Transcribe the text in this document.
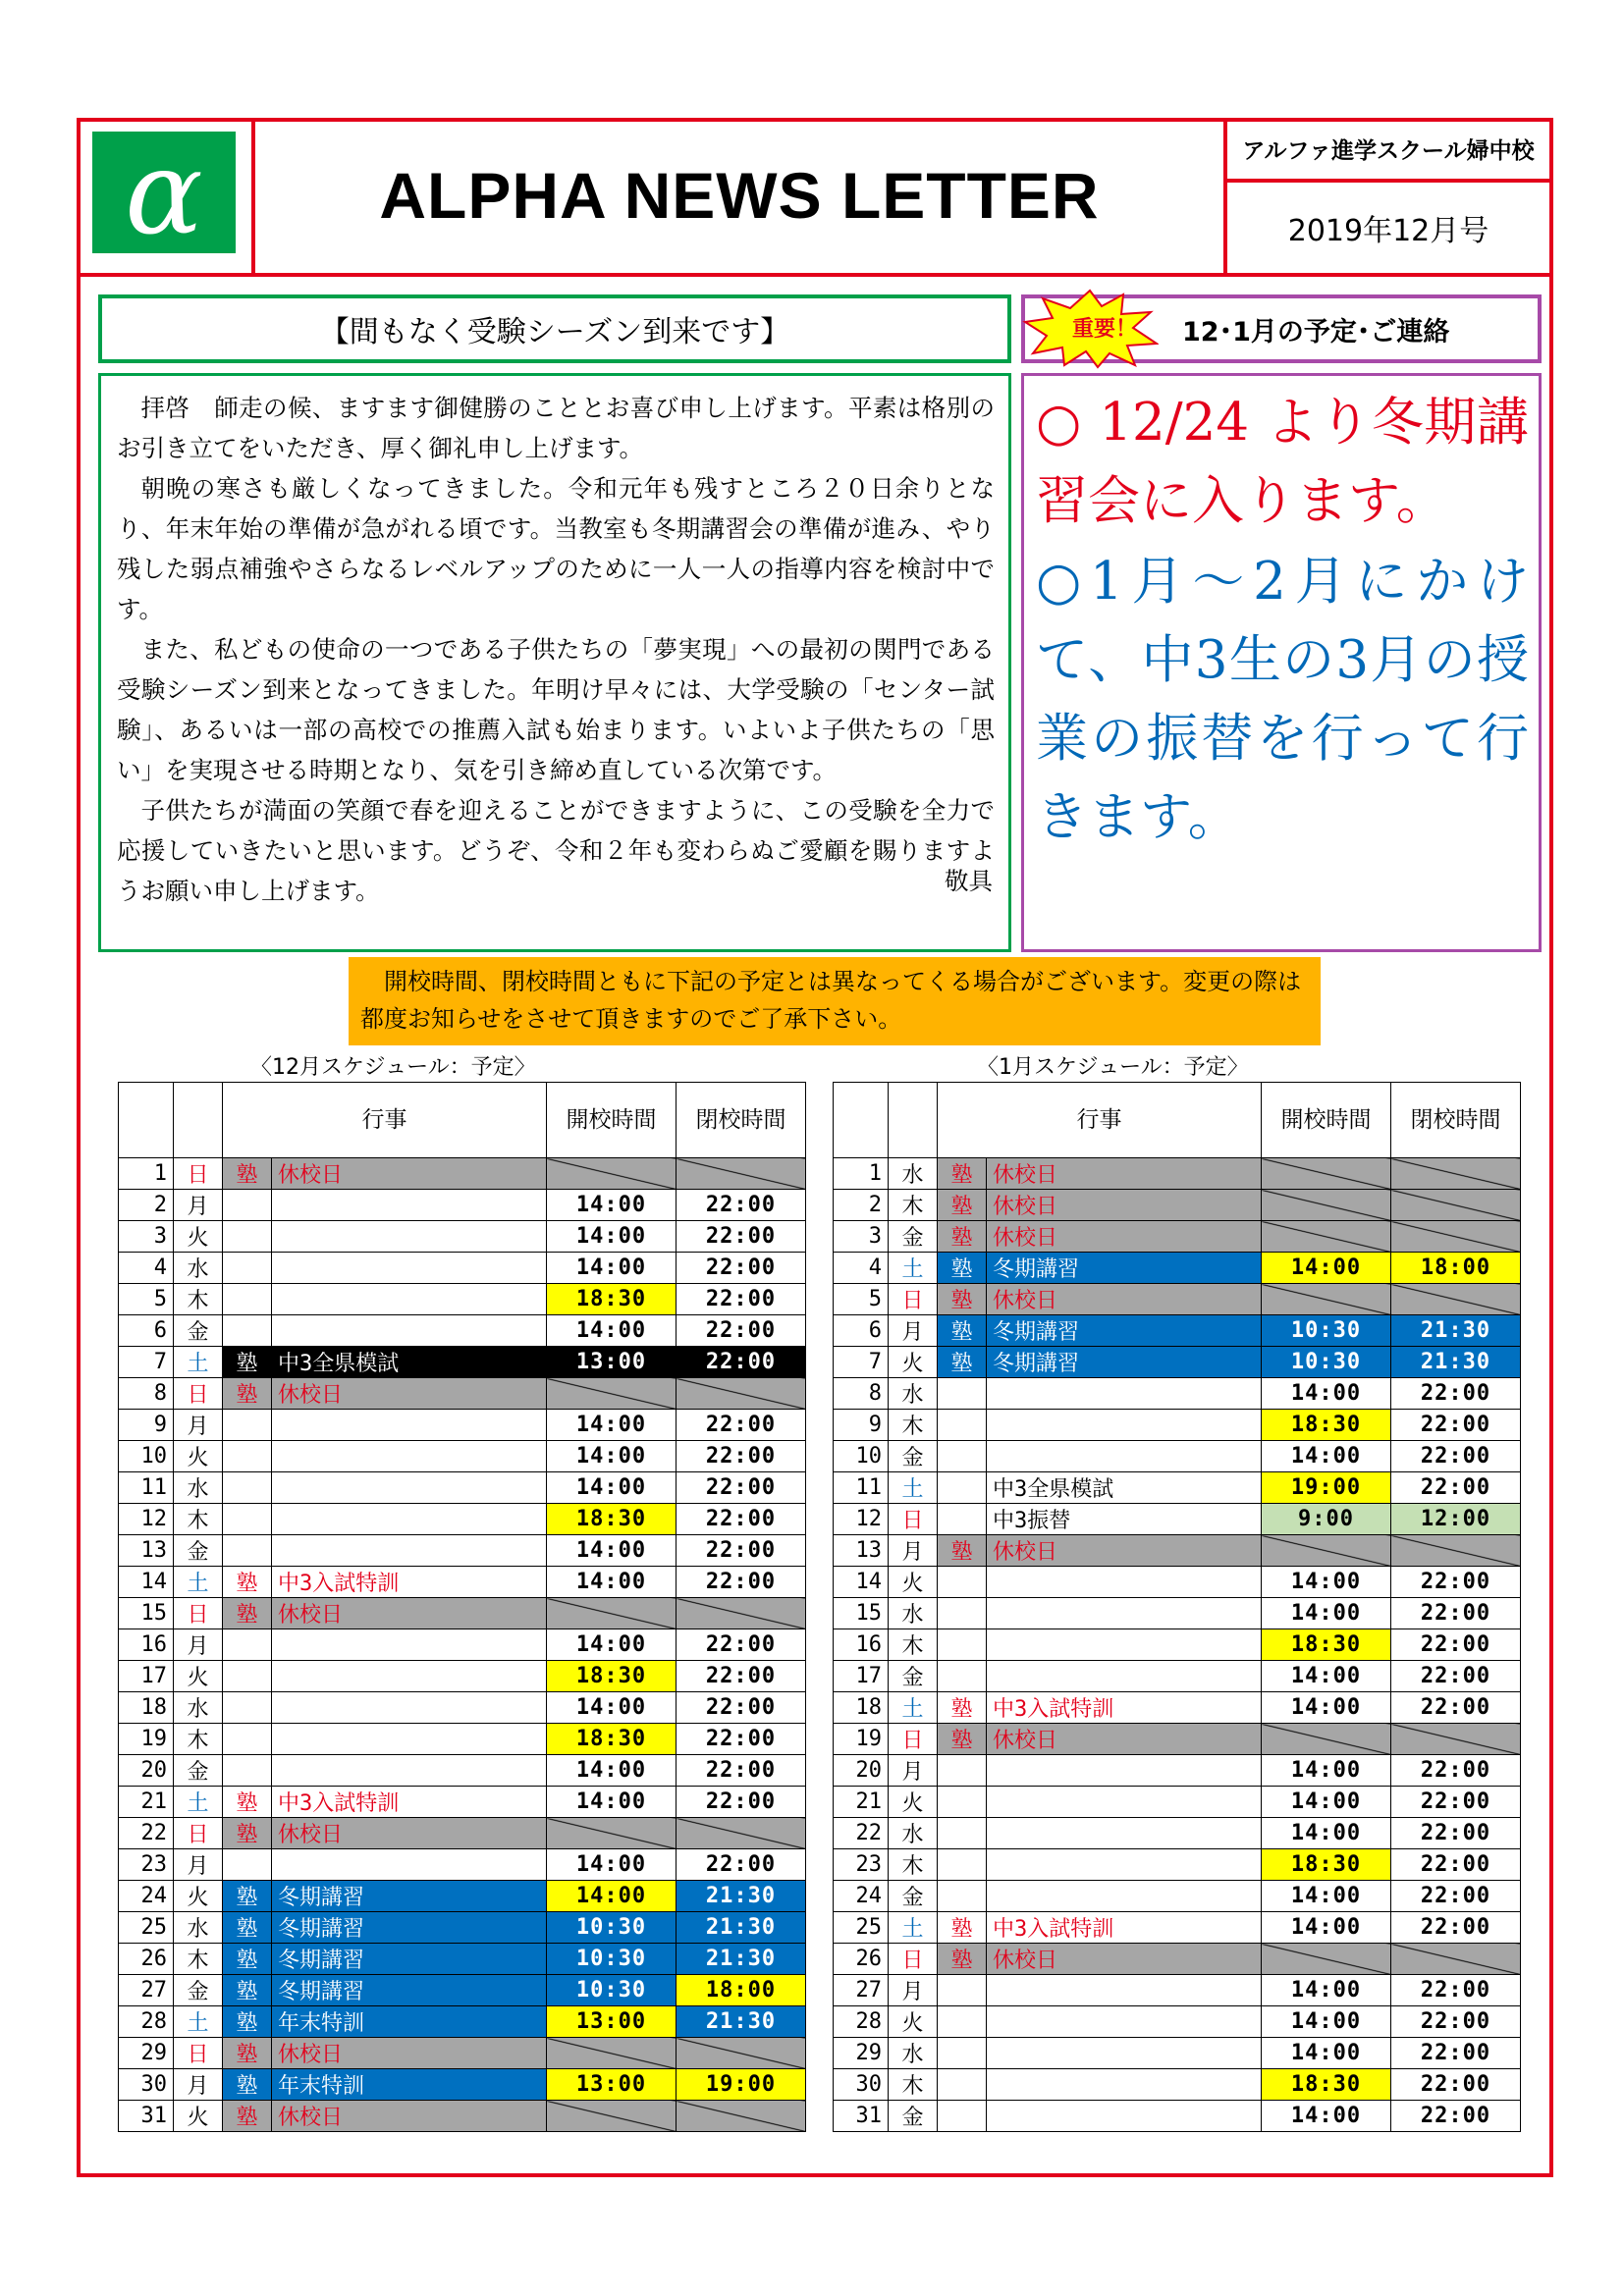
α	ALPHA NEWS LETTER
アルファ進学スクール婦中校
2019年12月号
【間もなく受験シーズン到来です】

拝啓　師走の候、ますます御健勝のこととお喜び申し上げます。平素は格別のお引き立てをいただき、厚く御礼申し上げます。

朝晩の寒さも厳しくなってきました。令和元年も残すところ２０日余りとなり、年末年始の準備が急がれる頃です。当教室も冬期講習会の準備が進み、やり残した弱点補強やさらなるレベルアップのために一人一人の指導内容を検討中です。

また、私どもの使命の一つである子供たちの「夢実現」への最初の関門である受験シーズン到来となってきました。年明け早々には、大学受験の「センター試験」、あるいは一部の高校での推薦入試も始まります。いよいよ子供たちの「思い」を実現させる時期となり、気を引き締め直している次第です。

子供たちが満面の笑顔で春を迎えることができますように、この受験を全力で応援していきたいと思います。どうぞ、令和２年も変わらぬご愛顧を賜りますようお願い申し上げます。	敬具
12･1月の予定･ご連絡
重要！

○ 12/24 より冬期講習会に入ります。

○1月～2月にかけて、中3生の3月の授業の振替を行って行きます。

開校時間、閉校時間ともに下記の予定とは異なってくる場合がございます。変更の際は都度お知らせをさせて頂きますのでご了承下さい。
〈12月スケジュール：予定〉	〈1月スケジュール：予定〉
		行事		開校時間	閉校時間
1	日	塾	休校日		
2	月			14:00	22:00
3	火			14:00	22:00
4	水			14:00	22:00
5	木			18:30	22:00
6	金			14:00	22:00
7	土	塾	中3全県模試	13:00	22:00
8	日	塾	休校日		
9	月			14:00	22:00
10	火			14:00	22:00
11	水			14:00	22:00
12	木			18:30	22:00
13	金			14:00	22:00
14	土	塾	中3入試特訓	14:00	22:00
15	日	塾	休校日		
16	月			14:00	22:00
17	火			18:30	22:00
18	水			14:00	22:00
19	木			18:30	22:00
20	金			14:00	22:00
21	土	塾	中3入試特訓	14:00	22:00
22	日	塾	休校日		
23	月			14:00	22:00
24	火	塾	冬期講習	14:00	21:30
25	水	塾	冬期講習	10:30	21:30
26	木	塾	冬期講習	10:30	21:30
27	金	塾	冬期講習	10:30	18:00
28	土	塾	年末特訓	13:00	21:30
29	日	塾	休校日		
30	月	塾	年末特訓	13:00	19:00
31	火	塾	休校日		
		行事		開校時間	閉校時間
1	水	塾	休校日		
2	木	塾	休校日		
3	金	塾	休校日		
4	土	塾	冬期講習	14:00	18:00
5	日	塾	休校日		
6	月	塾	冬期講習	10:30	21:30
7	火	塾	冬期講習	10:30	21:30
8	水			14:00	22:00
9	木			18:30	22:00
10	金			14:00	22:00
11	土		中3全県模試	19:00	22:00
12	日		中3振替	9:00	12:00
13	月	塾	休校日		
14	火			14:00	22:00
15	水			14:00	22:00
16	木			18:30	22:00
17	金			14:00	22:00
18	土	塾	中3入試特訓	14:00	22:00
19	日	塾	休校日		
20	月			14:00	22:00
21	火			14:00	22:00
22	水			14:00	22:00
23	木			18:30	22:00
24	金			14:00	22:00
25	土	塾	中3入試特訓	14:00	22:00
26	日	塾	休校日		
27	月			14:00	22:00
28	火			14:00	22:00
29	水			14:00	22:00
30	木			18:30	22:00
31	金			14:00	22:00
